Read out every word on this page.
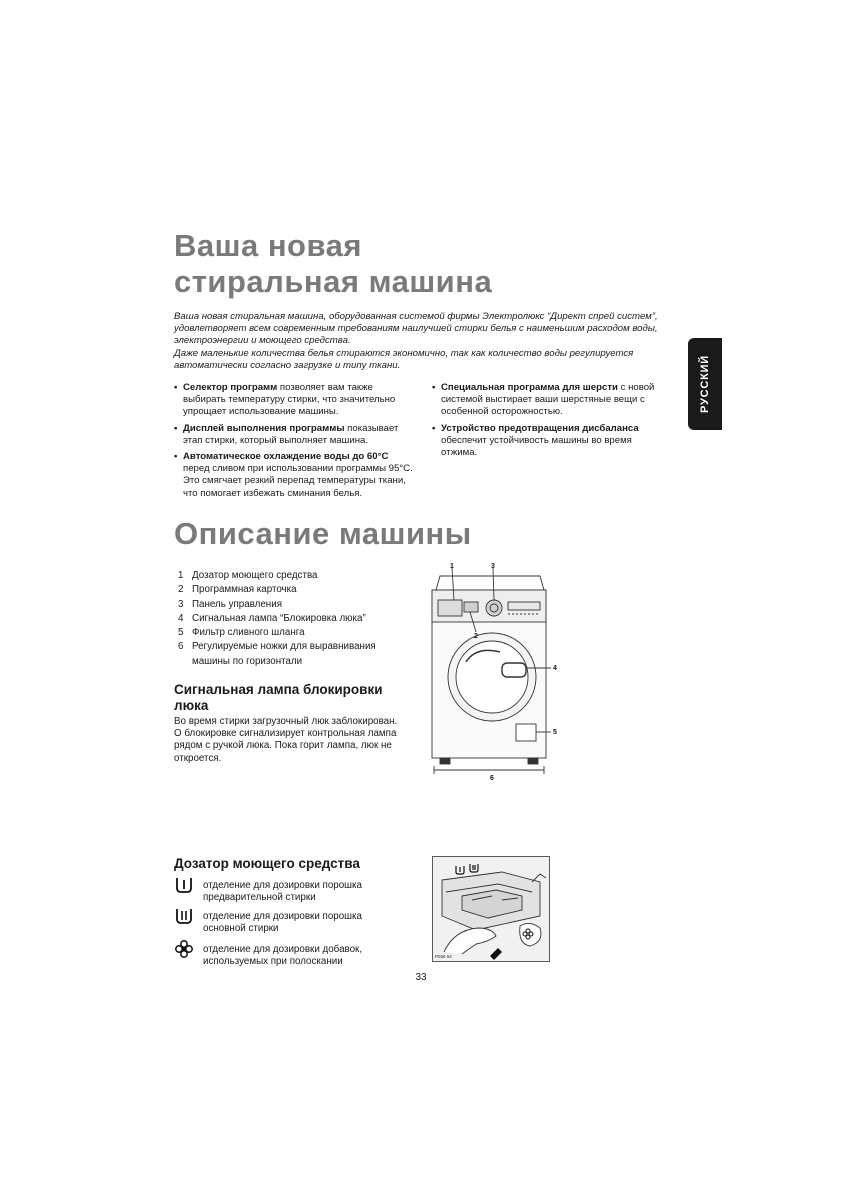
Ваша новая
стиральная машина

Ваша новая стиральная машина, оборудованная системой фирмы Электролюкс “Директ спрей систем”, удовлетворяет всем современным требованиям наилучшей стирки белья с наименьшим расходом воды, электроэнергии и моющего средства.

Даже маленькие количества белья стираются экономично, так как количество воды регулируется автоматически согласно загрузке и типу ткани.

• Селектор программ позволяет вам также выбирать температуру стирки, что значительно упрощает использование машины.
• Дисплей выполнения программы показывает этап стирки, который выполняет машина.
• Автоматическое охлаждение воды до 60°С перед сливом при использовании программы 95°С. Это смягчает резкий перепад температуры ткани, что помогает избежать сминания белья.
• Специальная программа для шерсти с новой системой выстирает ваши шерстяные вещи с особенной осторожностью.
• Устройство предотвращения дисбаланса обеспечит устойчивость машины во время отжима.
РУССКИЙ
Описание машины
1 Дозатор моющего средства
2 Программная карточка
3 Панель управления
4 Сигнальная лампа “Блокировка люка”
5 Фильтр сливного шланга
6 Регулируемые ножки для выравнивания машины по горизонтали
Сигнальная лампа блокировки люка
Во время стирки загрузочный люк заблокирован. О блокировке сигнализирует контрольная лампа рядом с ручкой люка. Пока горит лампа, люк не откроется.
1	3
2
4
5
6
Дозатор моющего средства
отделение для дозировки порошка предварительной стирки
отделение для дозировки порошка основной стирки
отделение для дозировки добавок, используемых при полоскании	P036 54
33
